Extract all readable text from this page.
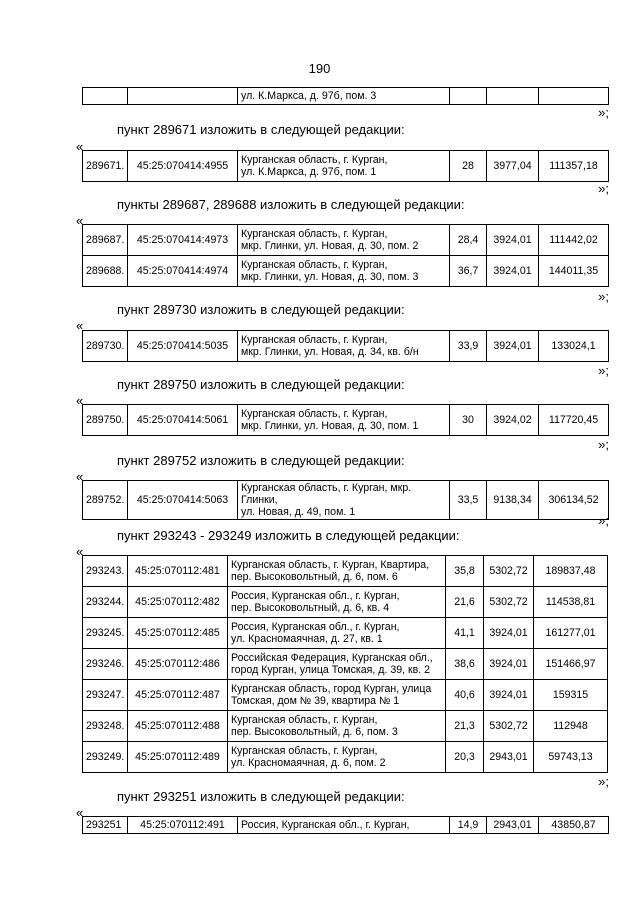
190
		ул. К.Маркса, д. 97б, пом. 3			
»;
пункт 289671 изложить в следующей редакции:
«
289671.	45:25:070414:4955	Курганская область, г. Курган,
ул. К.Маркса, д. 97б, пом. 1	28	3977,04	111357,18
»;
пункты 289687, 289688 изложить в следующей редакции:
«
289687.	45:25:070414:4973	Курганская область, г. Курган,
мкр. Глинки, ул. Новая, д. 30, пом. 2	28,4	3924,01	111442,02
289688.	45:25:070414:4974	Курганская область, г. Курган,
мкр. Глинки, ул. Новая, д. 30, пом. 3	36,7	3924,01	144011,35
»;
пункт 289730 изложить в следующей редакции:
«
289730.	45:25:070414:5035	Курганская область, г. Курган,
мкр. Глинки, ул. Новая, д. 34, кв. б/н	33,9	3924,01	133024,1
»;
пункт 289750 изложить в следующей редакции:
«
289750.	45:25:070414:5061	Курганская область, г. Курган,
мкр. Глинки, ул. Новая, д. 30, пом. 1	30	3924,02	117720,45
»;
пункт 289752 изложить в следующей редакции:
«
289752.	45:25:070414:5063	
Курганская область, г. Курган, мкр. Глинки,
ул. Новая, д. 49, пом. 1
	33,5	9138,34	306134,52
»;
пункт 293243 - 293249 изложить в следующей редакции:
«
293243.	45:25:070112:481	Курганская область, г. Курган, Квартира,
пер. Высоковольтный, д. 6, пом. 6	35,8	5302,72	189837,48
293244.	45:25:070112:482	Россия, Курганская обл., г. Курган,
пер. Высоковольтный, д. 6, кв. 4	21,6	5302,72	114538,81
293245.	45:25:070112:485	Россия, Курганская обл., г. Курган,
ул. Красномаячная, д. 27, кв. 1	41,1	3924,01	161277,01
293246.	45:25:070112:486	Российская Федерация, Курганская обл.,
город Курган, улица Томская, д. 39, кв. 2	38,6	3924,01	151466,97
293247.	45:25:070112:487	Курганская область, город Курган, улица
Томская, дом № 39, квартира № 1	40,6	3924,01	159315
293248.	45:25:070112:488	Курганская область, г. Курган,
пер. Высоковольтный, д. 6, пом. 3	21,3	5302,72	112948
293249.	45:25:070112:489	Курганская область, г. Курган,
ул. Красномаячная, д. 6, пом. 2	20,3	2943,01	59743,13
»;
пункт 293251 изложить в следующей редакции:
«
293251	45:25:070112:491	Россия, Курганская обл., г. Курган,	14,9	2943,01	43850,87
